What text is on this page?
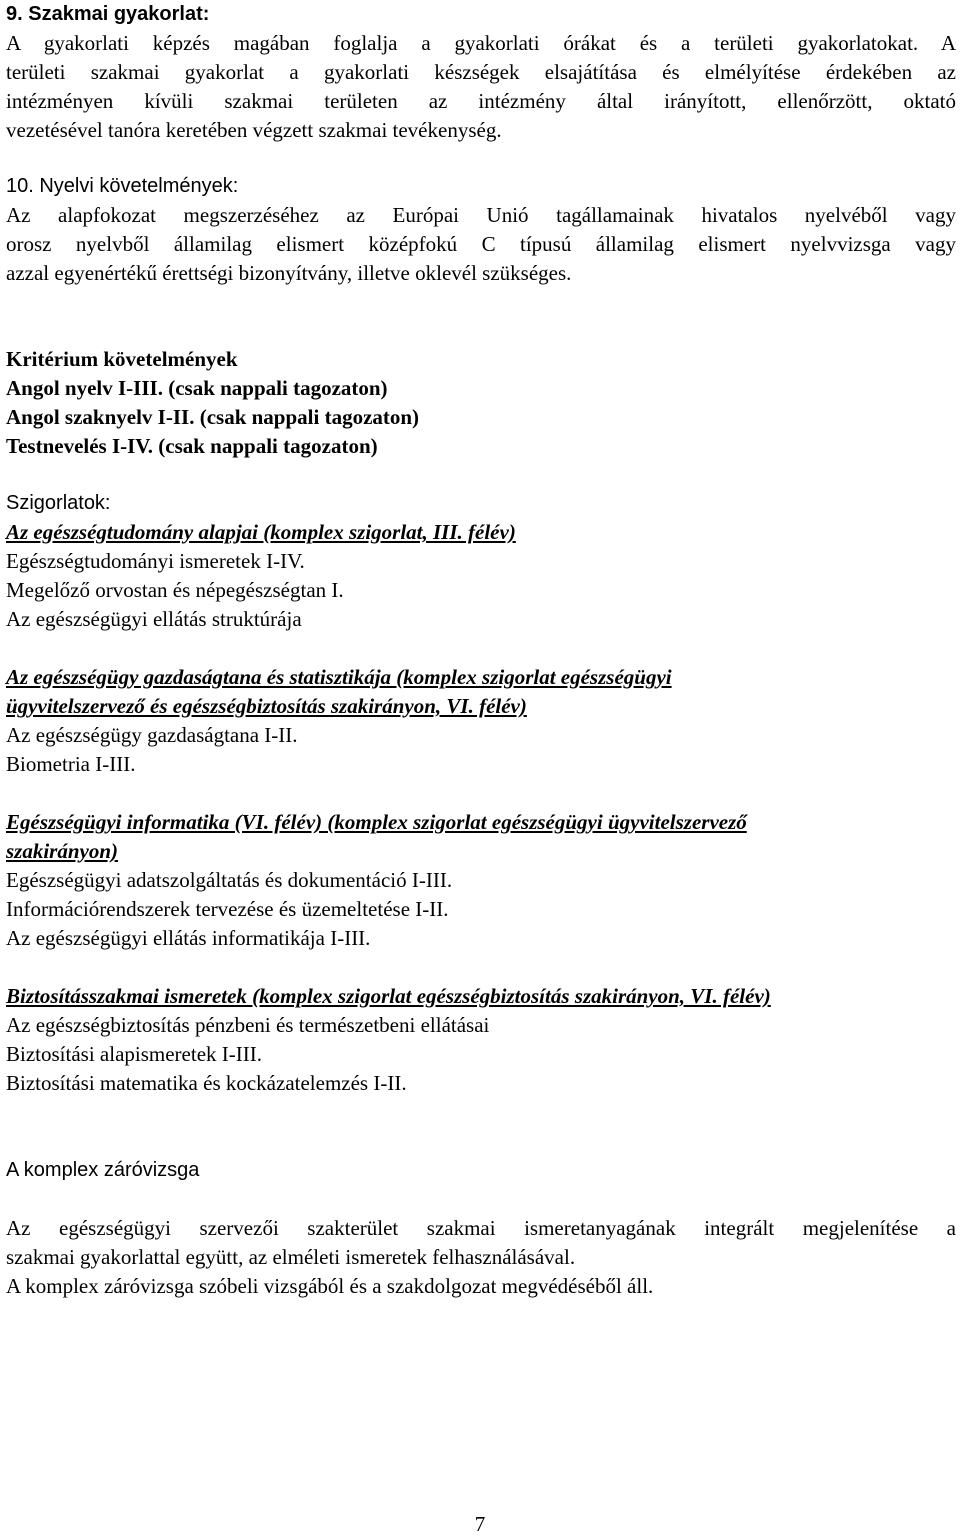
9. Szakmai gyakorlat:
A gyakorlati képzés magában foglalja a gyakorlati órákat és a területi gyakorlatokat. A
területi szakmai gyakorlat a gyakorlati készségek elsajátítása és elmélyítése érdekében az
intézményen kívüli szakmai területen az intézmény által irányított, ellenőrzött, oktató
vezetésével tanóra keretében végzett szakmai tevékenység.
10. Nyelvi követelmények:
Az alapfokozat megszerzéséhez az Európai Unió tagállamainak hivatalos nyelvéből vagy
orosz nyelvből államilag elismert középfokú C típusú államilag elismert nyelvvizsga vagy
azzal egyenértékű érettségi bizonyítvány, illetve oklevél szükséges.
Kritérium követelmények
Angol nyelv I-III. (csak nappali tagozaton)
Angol szaknyelv I-II. (csak nappali tagozaton)
Testnevelés I-IV. (csak nappali tagozaton)
Szigorlatok:
Az egészségtudomány alapjai (komplex szigorlat, III. félév)
Egészségtudományi ismeretek I-IV.
Megelőző orvostan és népegészségtan I.
Az egészségügyi ellátás struktúrája
Az egészségügy gazdaságtana és statisztikája (komplex szigorlat egészségügyi
ügyvitelszervező és egészségbiztosítás szakirányon, VI. félév)
Az egészségügy gazdaságtana I-II.
Biometria I-III.
Egészségügyi informatika (VI. félév) (komplex szigorlat egészségügyi ügyvitelszervező
szakirányon)
Egészségügyi adatszolgáltatás és dokumentáció I-III.
Információrendszerek tervezése és üzemeltetése I-II.
Az egészségügyi ellátás informatikája I-III.
Biztosításszakmai ismeretek (komplex szigorlat egészségbiztosítás szakirányon, VI. félév)
Az egészségbiztosítás pénzbeni és természetbeni ellátásai
Biztosítási alapismeretek I-III.
Biztosítási matematika és kockázatelemzés I-II.
A komplex záróvizsga
Az egészségügyi szervezői szakterület szakmai ismeretanyagának integrált megjelenítése a
szakmai gyakorlattal együtt, az elméleti ismeretek felhasználásával.
A komplex záróvizsga szóbeli vizsgából és a szakdolgozat megvédéséből áll.
7
